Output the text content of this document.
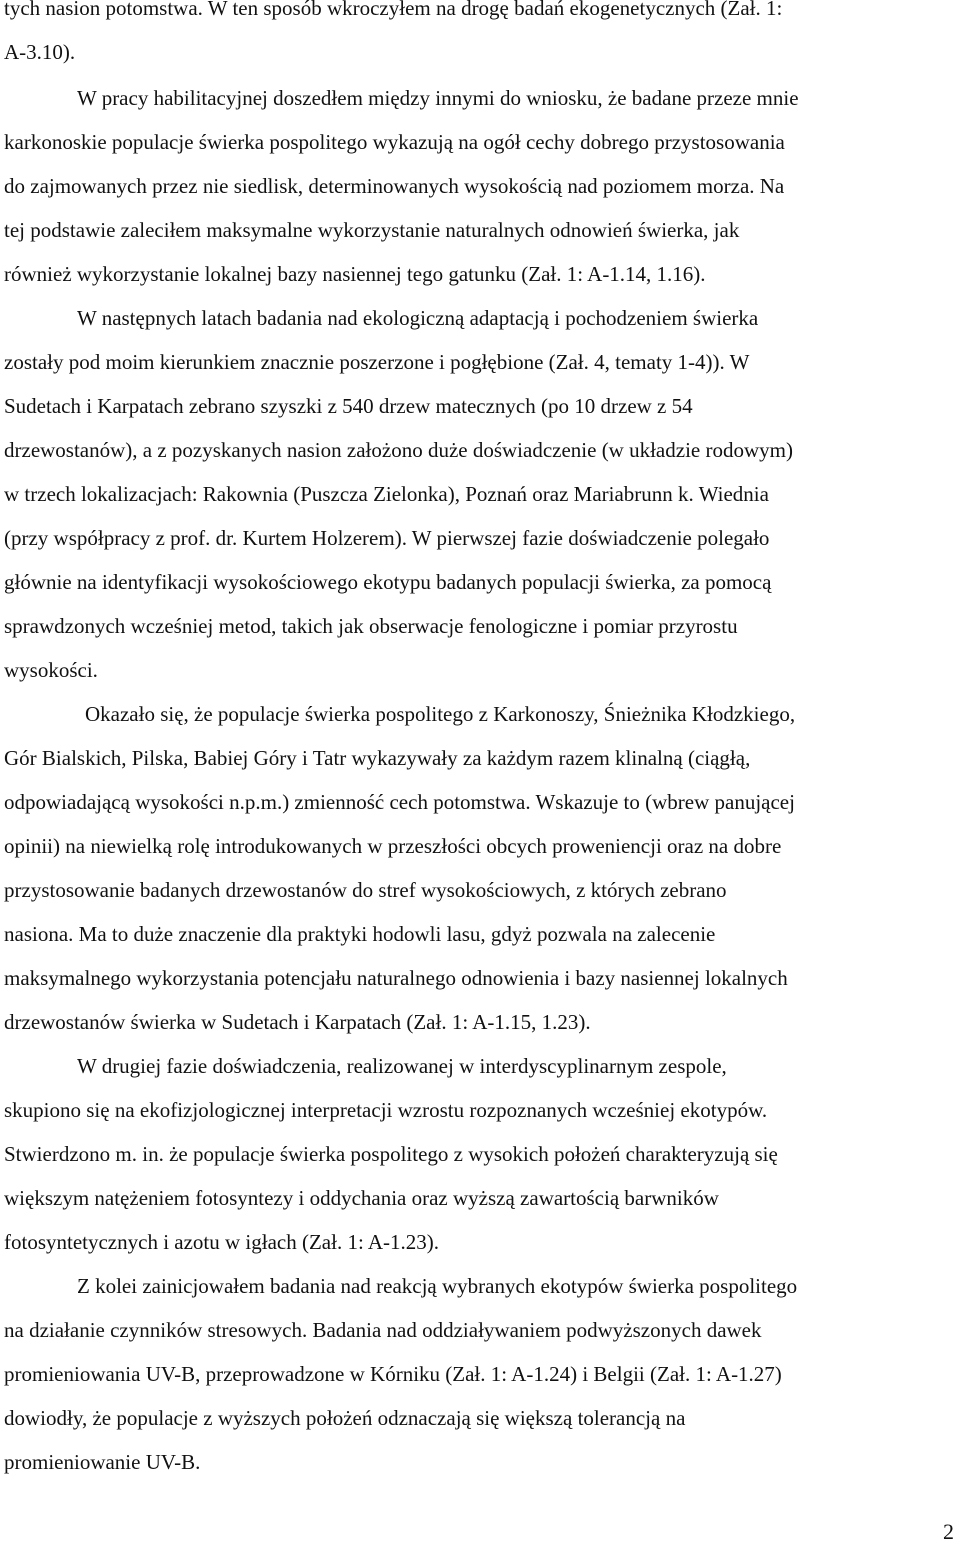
tych nasion potomstwa. W ten sposób wkroczyłem na drogę badań ekogenetycznych (Zał. 1:
A-3.10).
W pracy habilitacyjnej doszedłem między innymi do wniosku, że badane przeze mnie
karkonoskie populacje świerka pospolitego wykazują na ogół cechy dobrego przystosowania
do zajmowanych przez nie siedlisk, determinowanych wysokością nad poziomem morza. Na
tej podstawie zaleciłem maksymalne wykorzystanie naturalnych odnowień świerka, jak
również wykorzystanie lokalnej bazy nasiennej tego gatunku (Zał. 1: A-1.14, 1.16).
W następnych latach badania nad ekologiczną adaptacją i pochodzeniem świerka
zostały pod moim kierunkiem znacznie poszerzone i pogłębione (Zał. 4, tematy 1-4)). W
Sudetach i Karpatach zebrano szyszki z 540 drzew matecznych (po 10 drzew z 54
drzewostanów), a z pozyskanych nasion założono duże doświadczenie (w układzie rodowym)
w trzech lokalizacjach: Rakownia (Puszcza Zielonka), Poznań oraz Mariabrunn k. Wiednia
(przy współpracy z prof. dr. Kurtem Holzerem). W pierwszej fazie doświadczenie polegało
głównie na identyfikacji wysokościowego ekotypu badanych populacji świerka, za pomocą
sprawdzonych wcześniej metod, takich jak obserwacje fenologiczne i pomiar przyrostu
wysokości.
Okazało się, że populacje świerka pospolitego z Karkonoszy, Śnieżnika Kłodzkiego,
Gór Bialskich, Pilska, Babiej Góry i Tatr wykazywały za każdym razem klinalną (ciągłą,
odpowiadającą wysokości n.p.m.) zmienność cech potomstwa. Wskazuje to (wbrew panującej
opinii) na niewielką rolę introdukowanych w przeszłości obcych proweniencji oraz na dobre
przystosowanie badanych drzewostanów do stref wysokościowych, z których zebrano
nasiona. Ma to duże znaczenie dla praktyki hodowli lasu, gdyż pozwala na zalecenie
maksymalnego wykorzystania potencjału naturalnego odnowienia i bazy nasiennej lokalnych
drzewostanów świerka w Sudetach i Karpatach (Zał. 1: A-1.15, 1.23).
W drugiej fazie doświadczenia, realizowanej w interdyscyplinarnym zespole,
skupiono się na ekofizjologicznej interpretacji wzrostu rozpoznanych wcześniej ekotypów.
Stwierdzono m. in. że populacje świerka pospolitego z wysokich położeń charakteryzują się
większym natężeniem fotosyntezy i oddychania oraz wyższą zawartością barwników
fotosyntetycznych i azotu w igłach (Zał. 1: A-1.23).
Z kolei zainicjowałem badania nad reakcją wybranych ekotypów świerka pospolitego
na działanie czynników stresowych. Badania nad oddziaływaniem podwyższonych dawek
promieniowania UV-B, przeprowadzone w Kórniku (Zał. 1: A-1.24) i Belgii (Zał. 1: A-1.27)
dowiodły, że populacje z wyższych położeń odznaczają się większą tolerancją na
promieniowanie UV-B.
2
